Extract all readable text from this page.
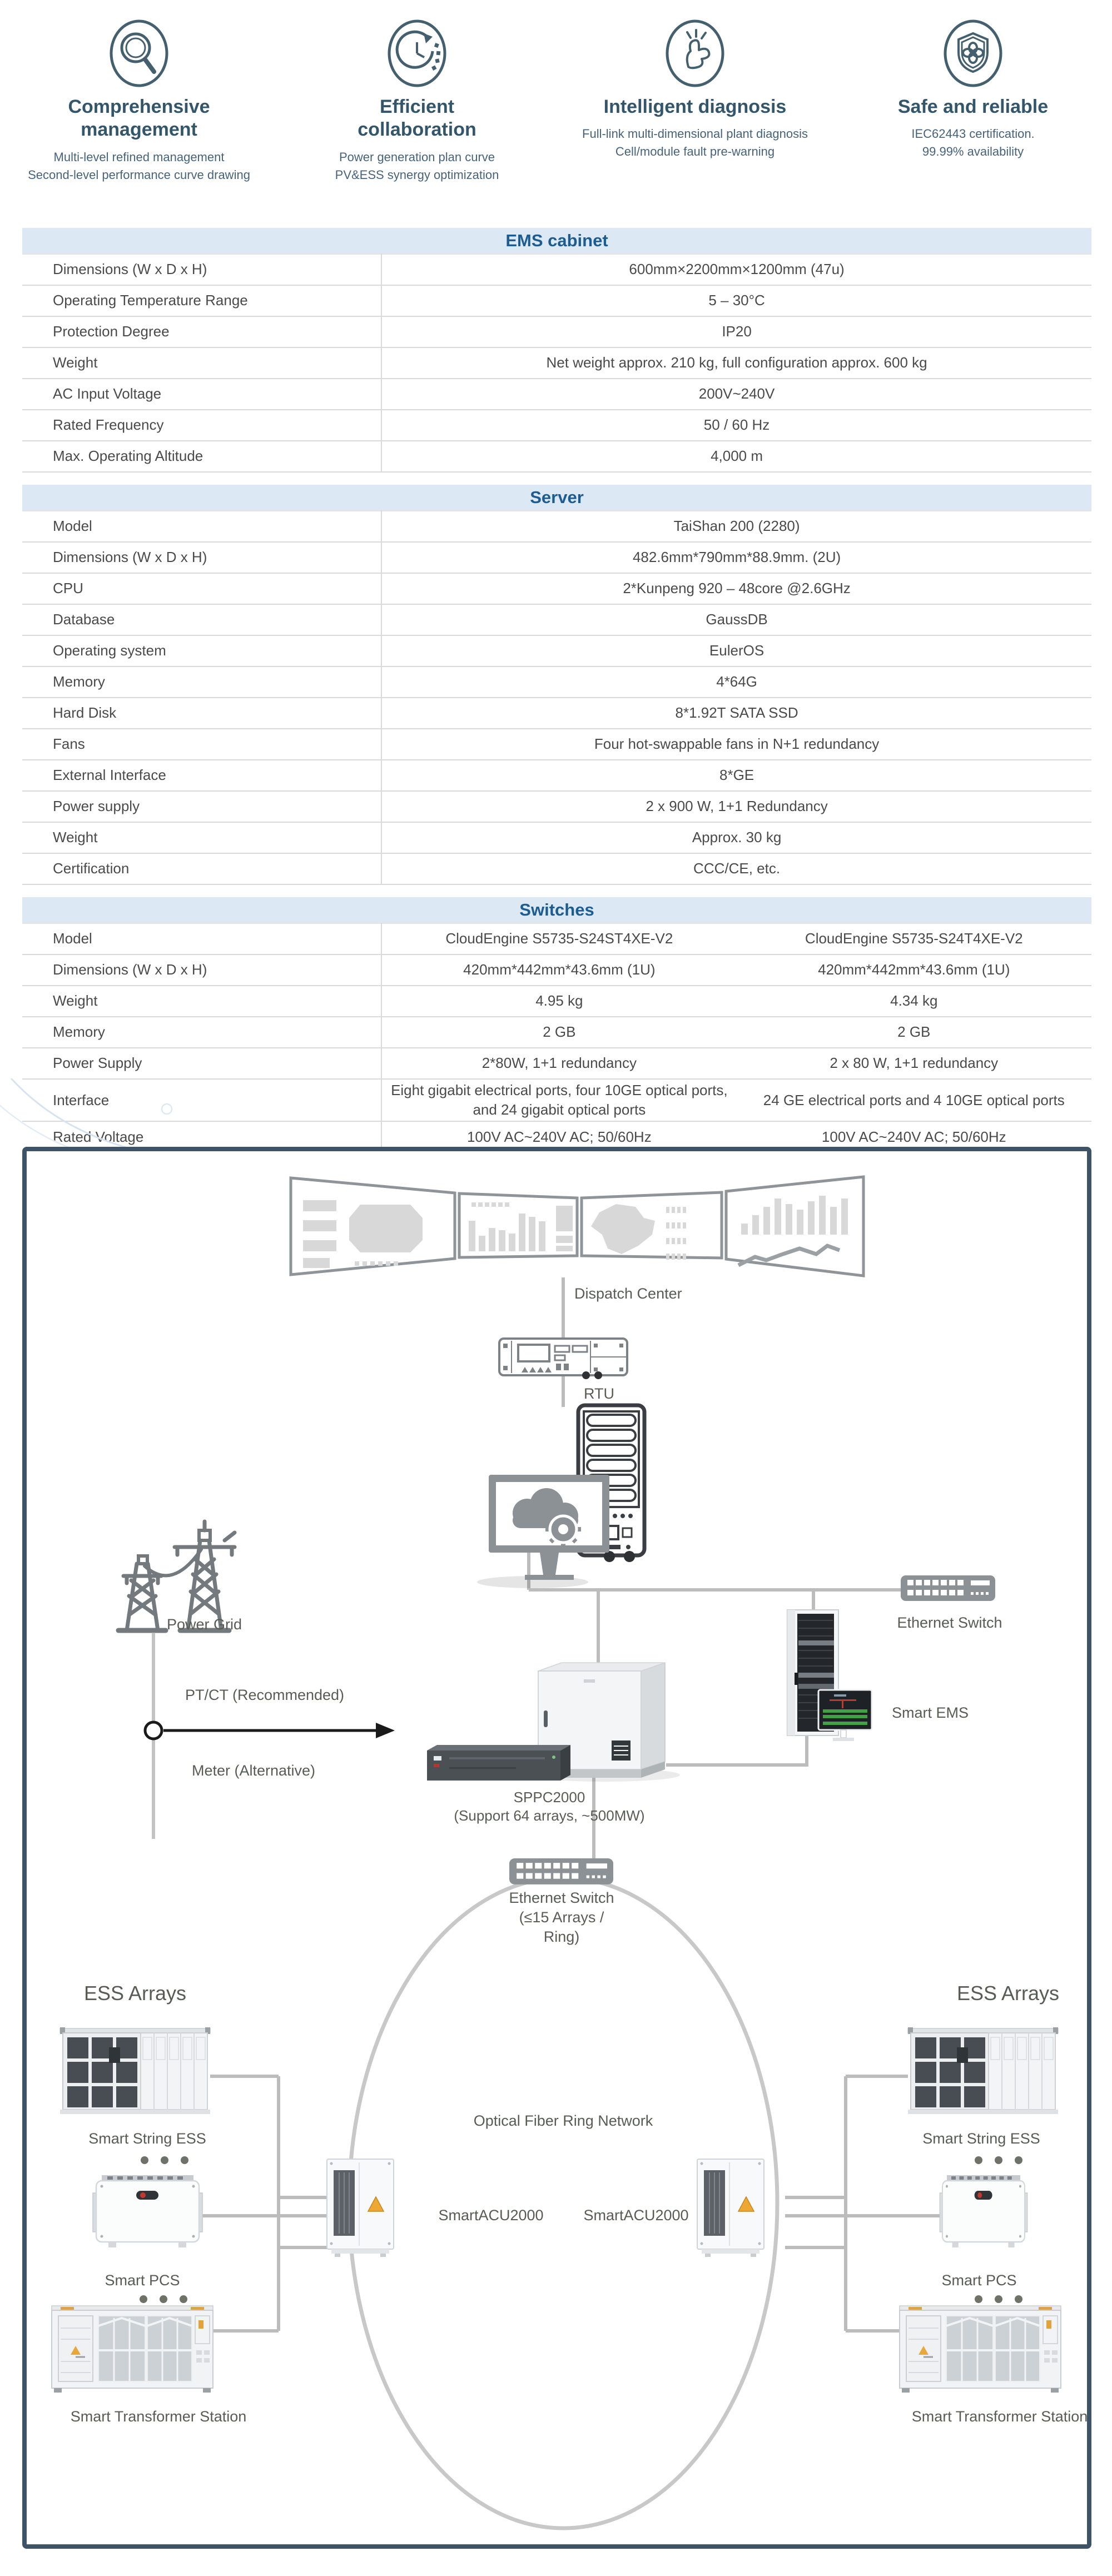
Comprehensive management
Multi-level refined management
Second-level performance curve drawing
Efficient collaboration
Power generation plan curve
PV&ESS synergy optimization
Intelligent diagnosis
Full-link multi-dimensional plant diagnosis
Cell/module fault pre-warning
Safe and reliable
IEC62443 certification.
99.99% availability
EMS cabinet
Dimensions (W x D x H)	600mm×2200mm×1200mm (47u)
Operating Temperature Range	5 – 30°C
Protection Degree	IP20
Weight	Net weight approx. 210 kg, full configuration approx. 600 kg
AC Input Voltage	200V~240V
Rated Frequency	50 / 60 Hz
Max. Operating Altitude	4,000 m
Server
Model	TaiShan 200 (2280)
Dimensions (W x D x H)	482.6mm*790mm*88.9mm. (2U)
CPU	2*Kunpeng 920 – 48core @2.6GHz
Database	GaussDB
Operating system	EulerOS
Memory	4*64G
Hard Disk	8*1.92T SATA SSD
Fans	Four hot-swappable fans in N+1 redundancy
External Interface	8*GE
Power supply	2 x 900 W, 1+1 Redundancy
Weight	Approx. 30 kg
Certification	CCC/CE, etc.
Switches
Model	CloudEngine S5735-S24ST4XE-V2	CloudEngine S5735-S24T4XE-V2
Dimensions (W x D x H)	420mm*442mm*43.6mm (1U)	420mm*442mm*43.6mm (1U)
Weight	4.95 kg	4.34 kg
Memory	2 GB	2 GB
Power Supply	2*80W, 1+1 redundancy	2 x 80 W, 1+1 redundancy
Interface	Eight gigabit electrical ports, four 10GE optical ports, and 24 gigabit optical ports	24 GE electrical ports and 4 10GE optical ports
Rated Voltage	100V AC~240V AC; 50/60Hz	100V AC~240V AC; 50/60Hz

Dispatch Center
RTU
Power Grid
PT/CT (Recommended)
Meter (Alternative)
Ethernet Switch
Smart EMS
SPPC2000
(Support 64 arrays, ~500MW)
Ethernet Switch
(≤15 Arrays /
Ring)
Optical Fiber Ring Network
SmartACU2000	SmartACU2000
ESS Arrays	ESS Arrays
Smart String ESS	Smart String ESS
Smart PCS	Smart PCS
Smart Transformer Station	Smart Transformer Station
